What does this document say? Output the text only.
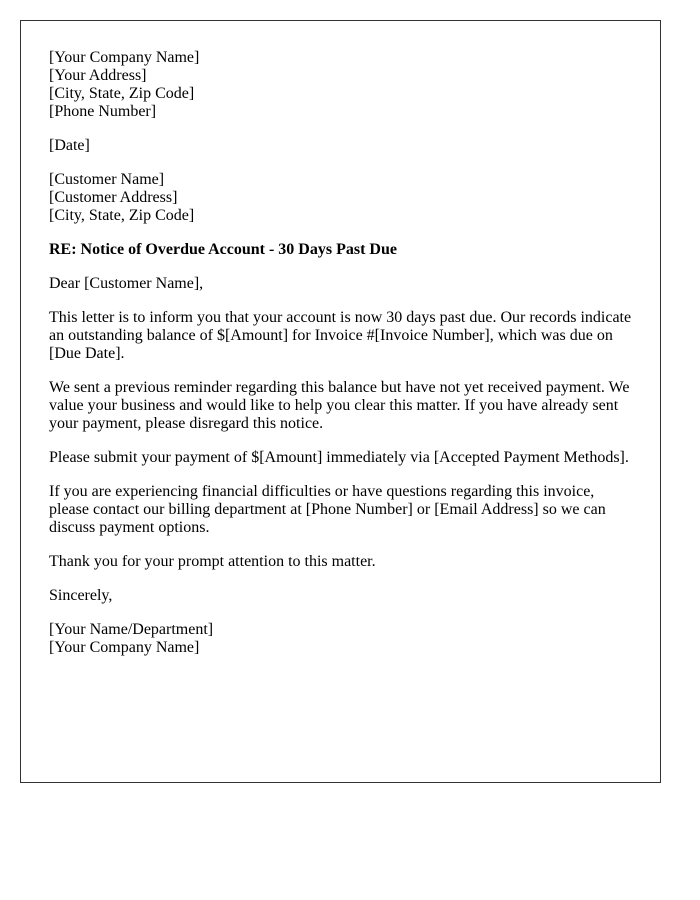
[Your Company Name]
[Your Address]
[City, State, Zip Code]
[Phone Number]
[Date]
[Customer Name]
[Customer Address]
[City, State, Zip Code]
RE: Notice of Overdue Account - 30 Days Past Due

Dear [Customer Name],

This letter is to inform you that your account is now 30 days past due. Our records indicate an outstanding balance of $[Amount] for Invoice #[Invoice Number], which was due on [Due Date].

We sent a previous reminder regarding this balance but have not yet received payment. We value your business and would like to help you clear this matter. If you have already sent your payment, please disregard this notice.

Please submit your payment of $[Amount] immediately via [Accepted Payment Methods].

If you are experiencing financial difficulties or have questions regarding this invoice, please contact our billing department at [Phone Number] or [Email Address] so we can discuss payment options.

Thank you for your prompt attention to this matter.

Sincerely,

[Your Name/Department]
[Your Company Name]
